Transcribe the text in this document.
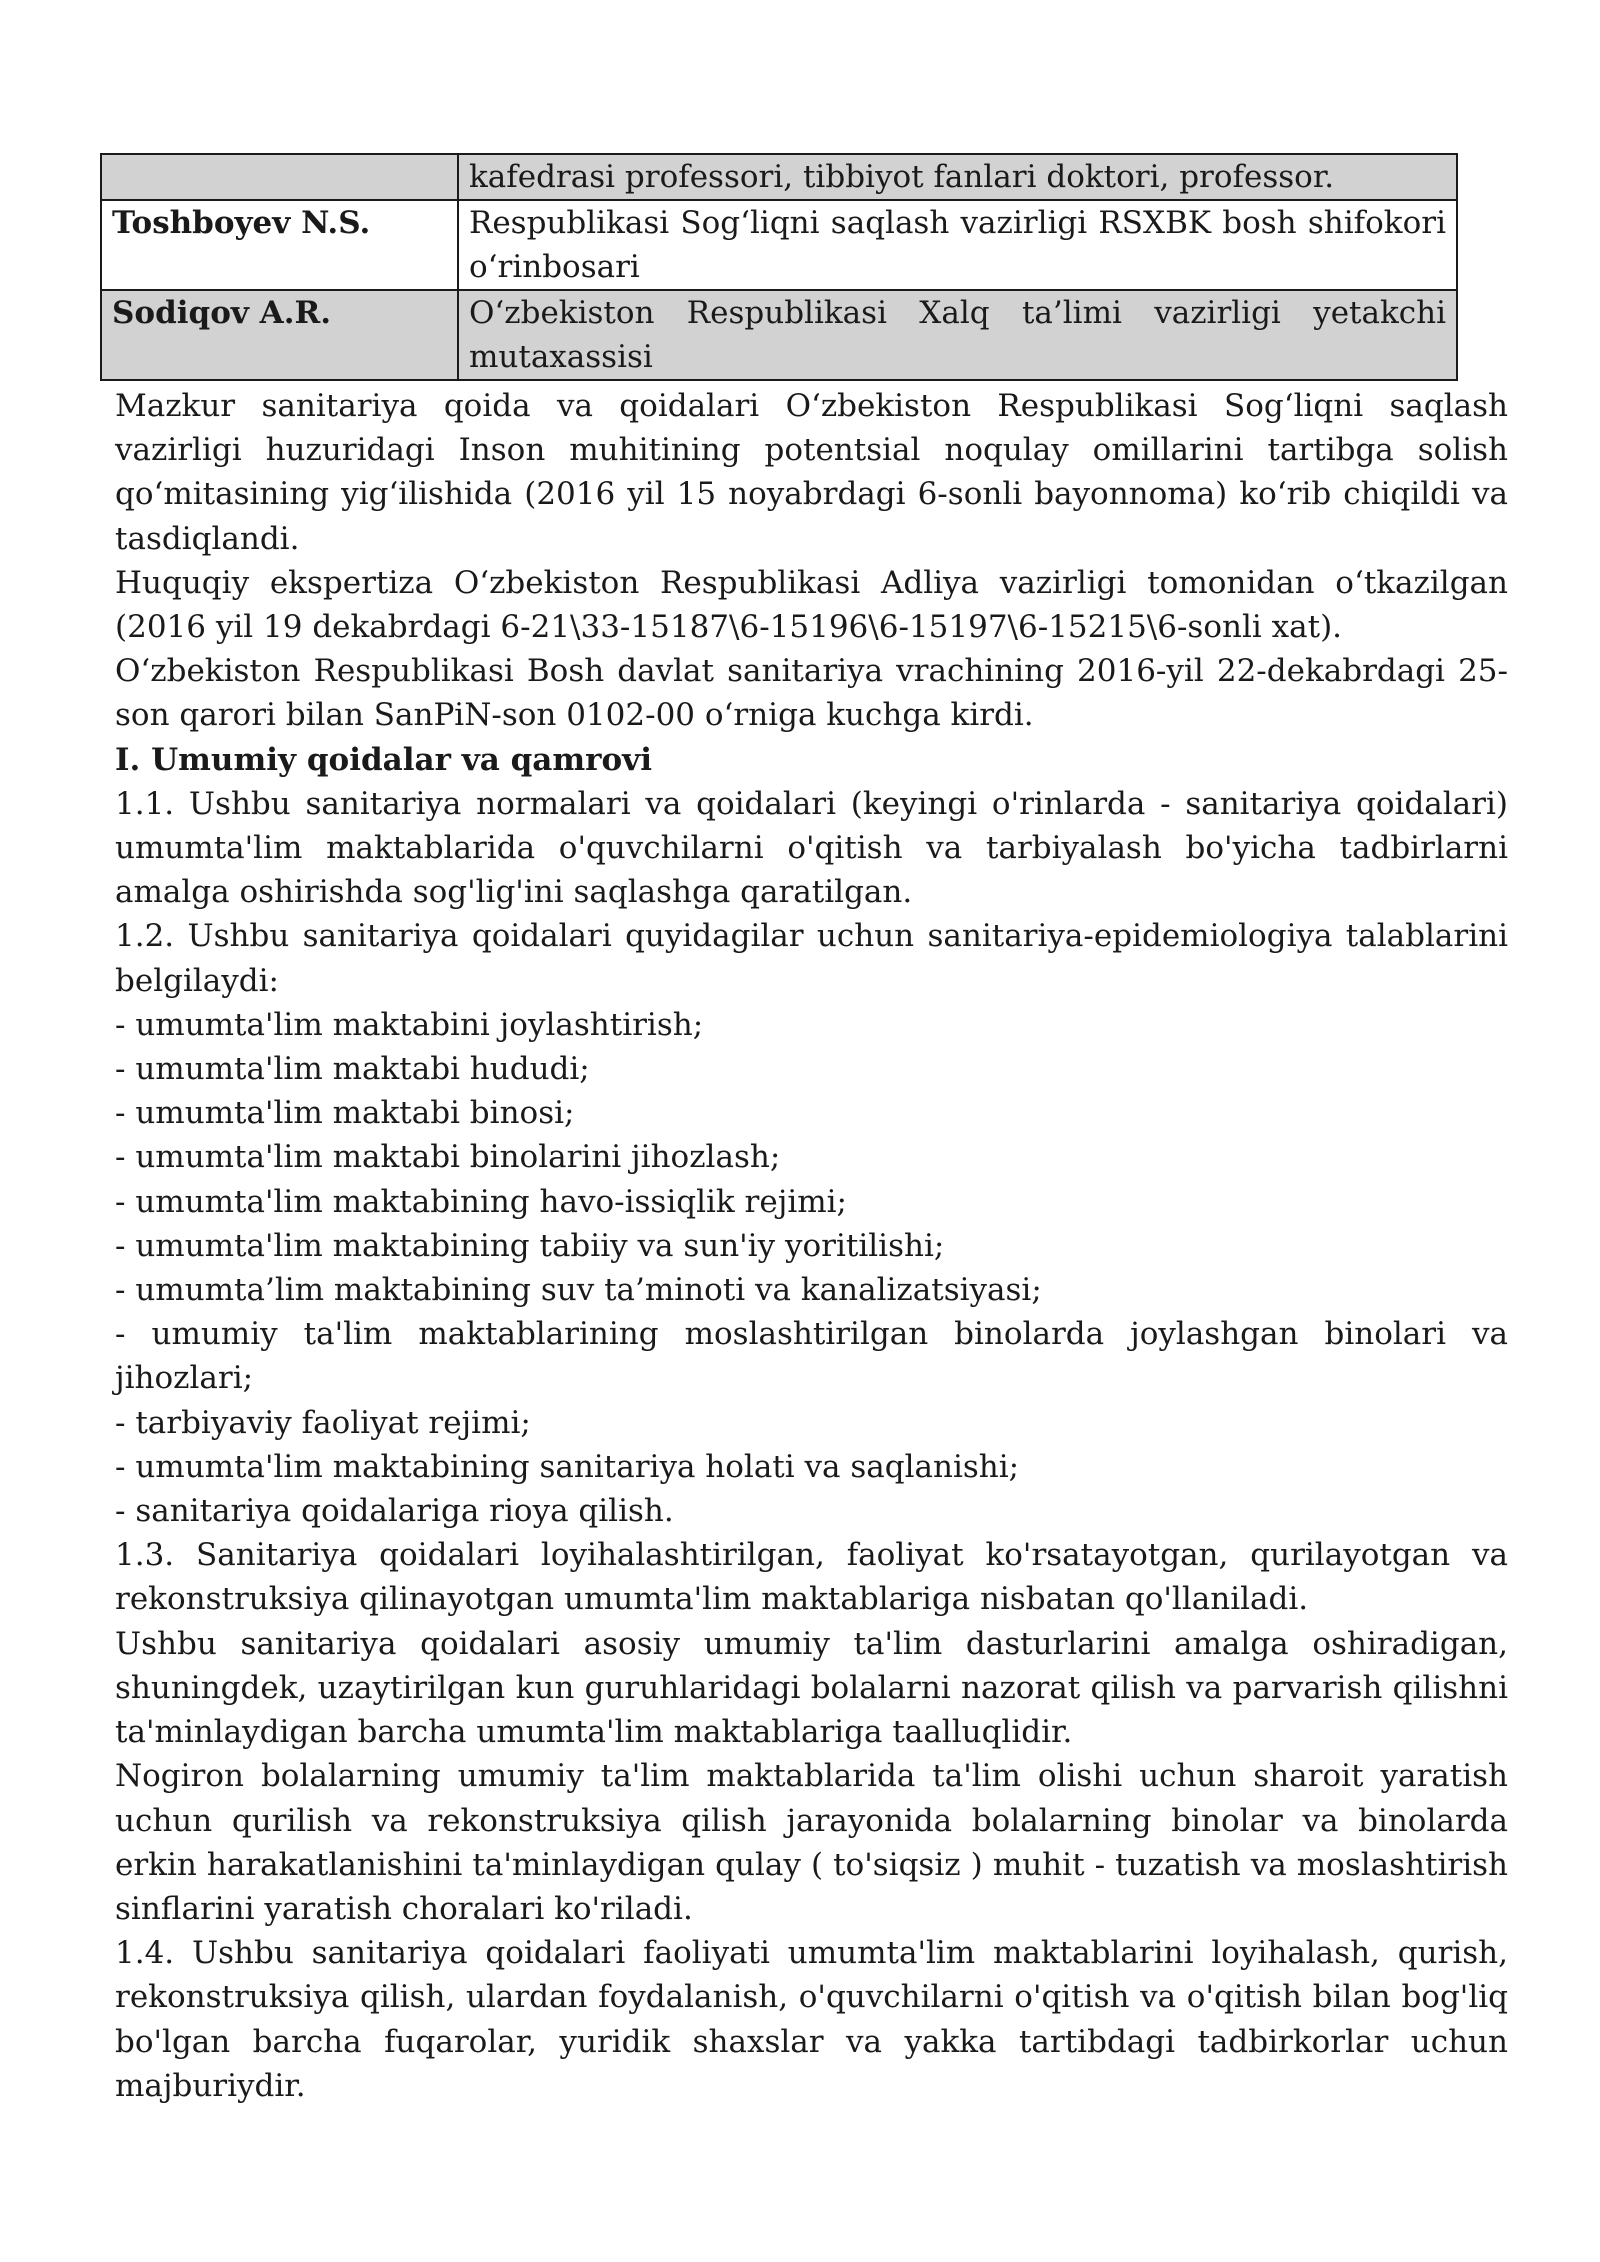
	kafedrasi professori, tibbiyot fanlari doktori, professor.
Toshboyev N.S.	Respublikasi Sog‘liqni saqlash vazirligi RSXBK bosh shifokori o‘rinbosari
Sodiqov A.R.	O‘zbekiston Respublikasi Xalq ta’limi vazirligi yetakchi mutaxassisi

Mazkur sanitariya qoida va qoidalari O‘zbekiston Respublikasi Sog‘liqni saqlash vazirligi huzuridagi Inson muhitining potentsial noqulay omillarini tartibga solish qo‘mitasining yig‘ilishida (2016 yil 15 noyabrdagi 6-sonli bayonnoma) ko‘rib chiqildi va tasdiqlandi.

Huquqiy ekspertiza O‘zbekiston Respublikasi Adliya vazirligi tomonidan o‘tkazilgan (2016 yil 19 dekabrdagi 6-21\33-15187\6-15196\6-15197\6-15215\6-sonli xat).

O‘zbekiston Respublikasi Bosh davlat sanitariya vrachining 2016-yil 22-dekabrdagi 25-son qarori bilan SanPiN-son 0102-00 o‘rniga kuchga kirdi.

I. Umumiy qoidalar va qamrovi

1.1. Ushbu sanitariya normalari va qoidalari (keyingi o'rinlarda - sanitariya qoidalari) umumta'lim maktablarida o'quvchilarni o'qitish va tarbiyalash bo'yicha tadbirlarni amalga oshirishda sog'lig'ini saqlashga qaratilgan.

1.2. Ushbu sanitariya qoidalari quyidagilar uchun sanitariya-epidemiologiya talablarini belgilaydi:

- umumta'lim maktabini joylashtirish;
- umumta'lim maktabi hududi;
- umumta'lim maktabi binosi;
- umumta'lim maktabi binolarini jihozlash;
- umumta'lim maktabining havo-issiqlik rejimi;
- umumta'lim maktabining tabiiy va sun'iy yoritilishi;
- umumta’lim maktabining suv ta’minoti va kanalizatsiyasi;
- umumiy ta'lim maktablarining moslashtirilgan binolarda joylashgan binolari va jihozlari;
- tarbiyaviy faoliyat rejimi;
- umumta'lim maktabining sanitariya holati va saqlanishi;
- sanitariya qoidalariga rioya qilish.

1.3. Sanitariya qoidalari loyihalashtirilgan, faoliyat ko'rsatayotgan, qurilayotgan va rekonstruksiya qilinayotgan umumta'lim maktablariga nisbatan qo'llaniladi.

Ushbu sanitariya qoidalari asosiy umumiy ta'lim dasturlarini amalga oshiradigan, shuningdek, uzaytirilgan kun guruhlaridagi bolalarni nazorat qilish va parvarish qilishni ta'minlaydigan barcha umumta'lim maktablariga taalluqlidir.

Nogiron bolalarning umumiy ta'lim maktablarida ta'lim olishi uchun sharoit yaratish uchun qurilish va rekonstruksiya qilish jarayonida bolalarning binolar va binolarda erkin harakatlanishini ta'minlaydigan qulay ( to'siqsiz ) muhit - tuzatish va moslashtirish sinflarini yaratish choralari ko'riladi.

1.4. Ushbu sanitariya qoidalari faoliyati umumta'lim maktablarini loyihalash, qurish, rekonstruksiya qilish, ulardan foydalanish, o'quvchilarni o'qitish va o'qitish bilan bog'liq bo'lgan barcha fuqarolar, yuridik shaxslar va yakka tartibdagi tadbirkorlar uchun majburiydir.
